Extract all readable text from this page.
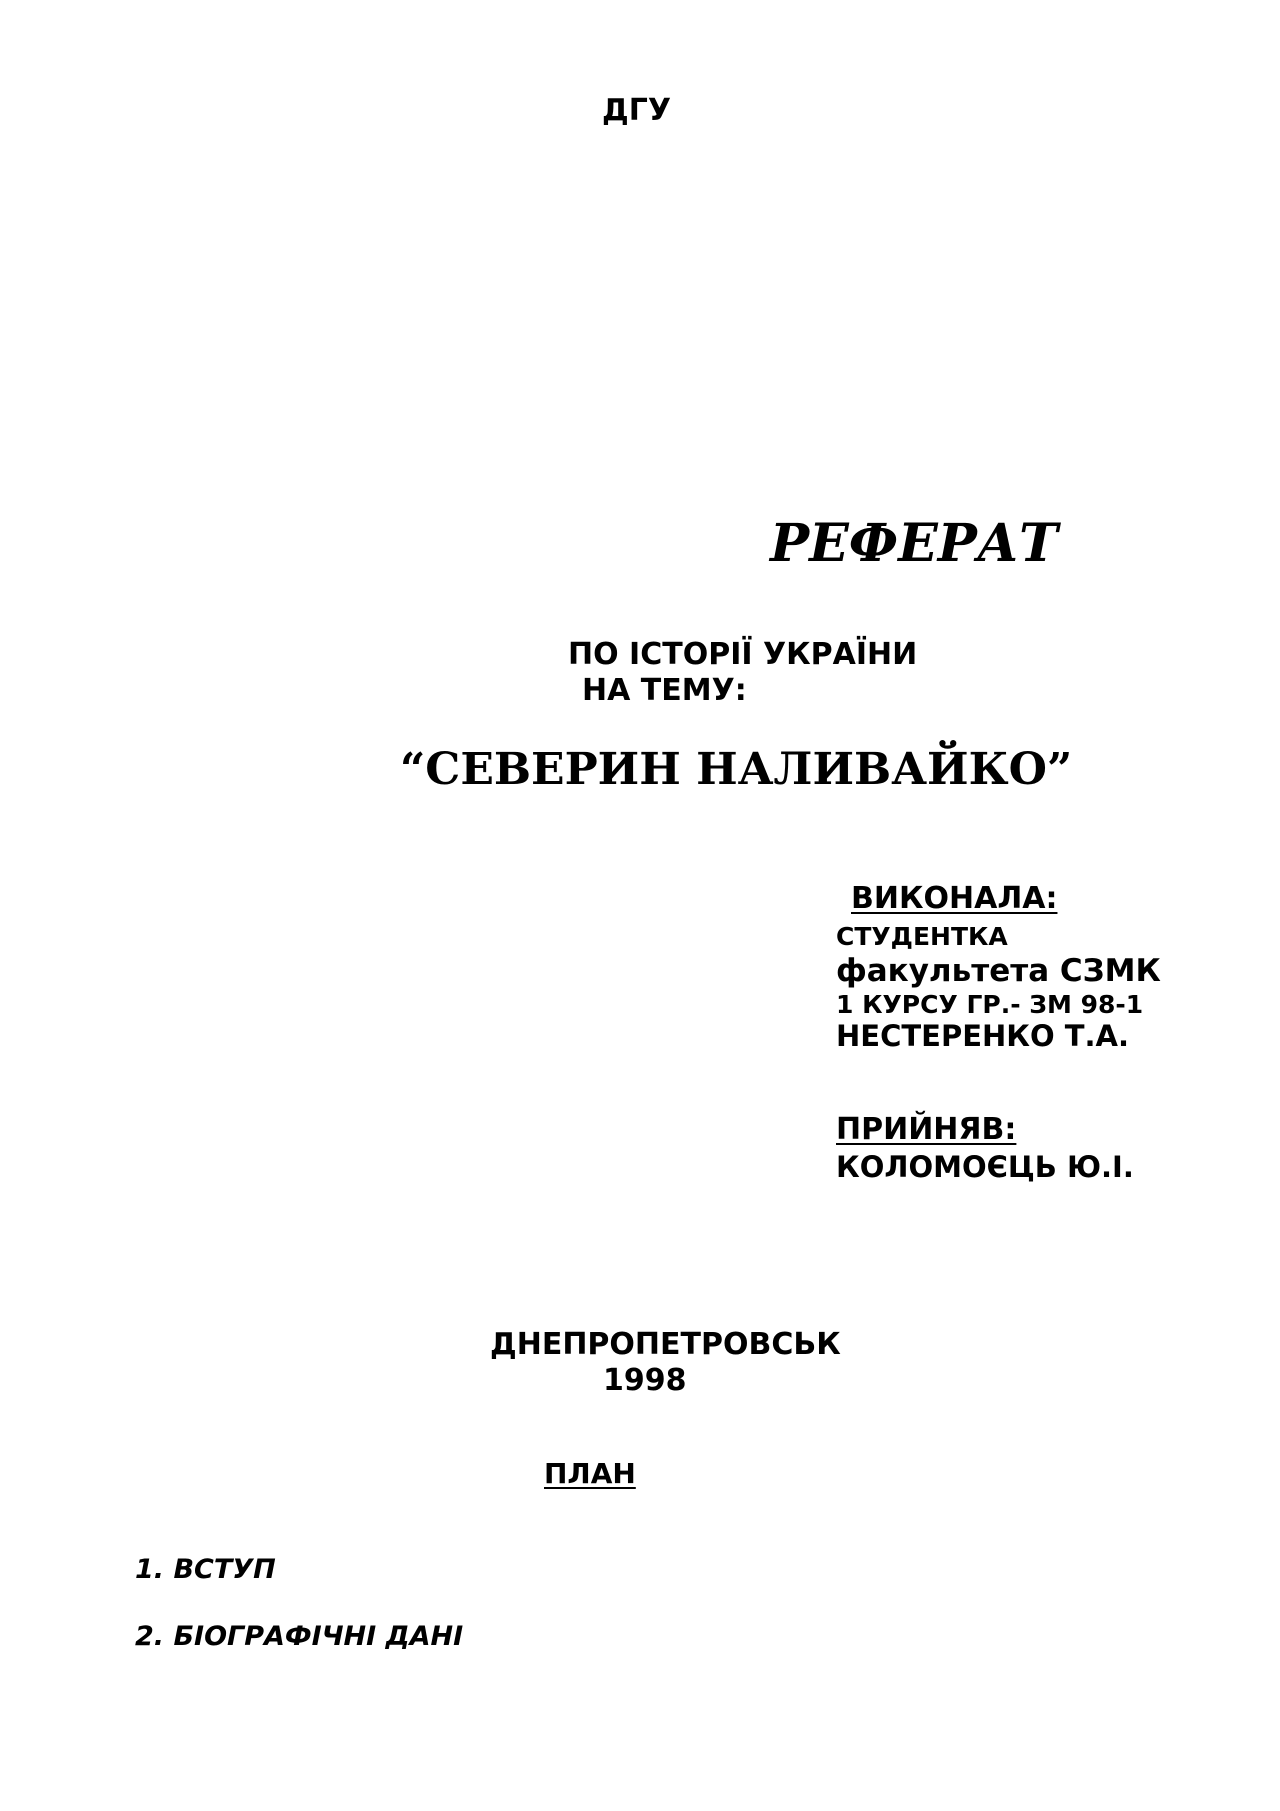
ДГУ

РЕФЕРАТ

ПО ІСТОРІЇ УКРАЇНИ

НА ТЕМУ:

“СЕВЕРИН НАЛИВАЙКО”

ВИКОНАЛА:

СТУДЕНТКА

факультета СЗМК

1 КУРСУ ГР.- ЗМ 98-1

НЕСТЕРЕНКО Т.А.

ПРИЙНЯВ:

КОЛОМОЄЦЬ Ю.І.

ДНЕПРОПЕТРОВСЬК

1998

ПЛАН

1. ВСТУП

2. БІОГРАФІЧНІ ДАНІ
